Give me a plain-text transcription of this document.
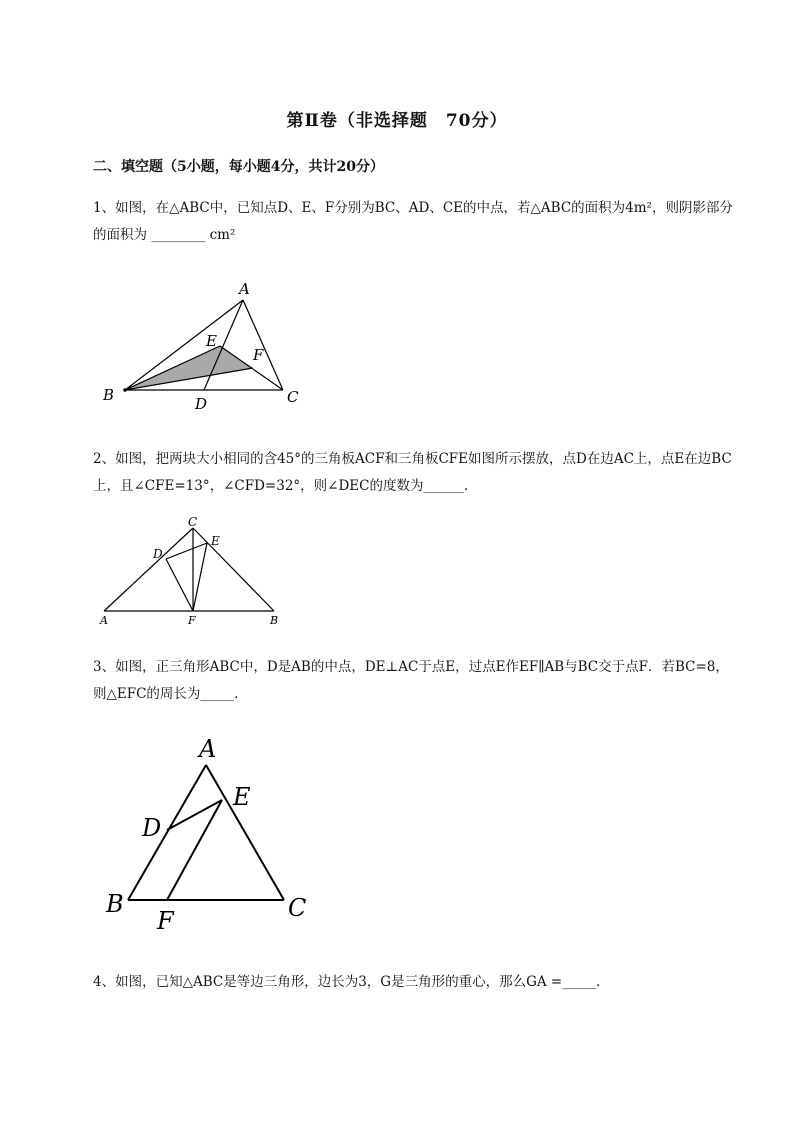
第Ⅱ卷（非选择题　70分）
二、填空题（5小题，每小题4分，共计20分）
1、如图，在△ABC中，已知点D、E、F分别为BC、AD、CE的中点，若△ABC的面积为4m²，则阴影部分的面积为 ________ cm²
A
B	C
D
E
F
2、如图，把两块大小相同的含45°的三角板ACF和三角板CFE如图所示摆放，点D在边AC上，点E在边BC上，且∠CFE=13°，∠CFD=32°，则∠DEC的度数为______.
A	B
C
D
E
F
3、如图，正三角形ABC中，D是AB的中点，DE⊥AC于点E，过点E作EF∥AB与BC交于点F．若BC=8，则△EFC的周长为_____.
A
B	C
D
E
F
4、如图，已知△ABC是等边三角形，边长为3，G是三角形的重心，那么GA =_____.
